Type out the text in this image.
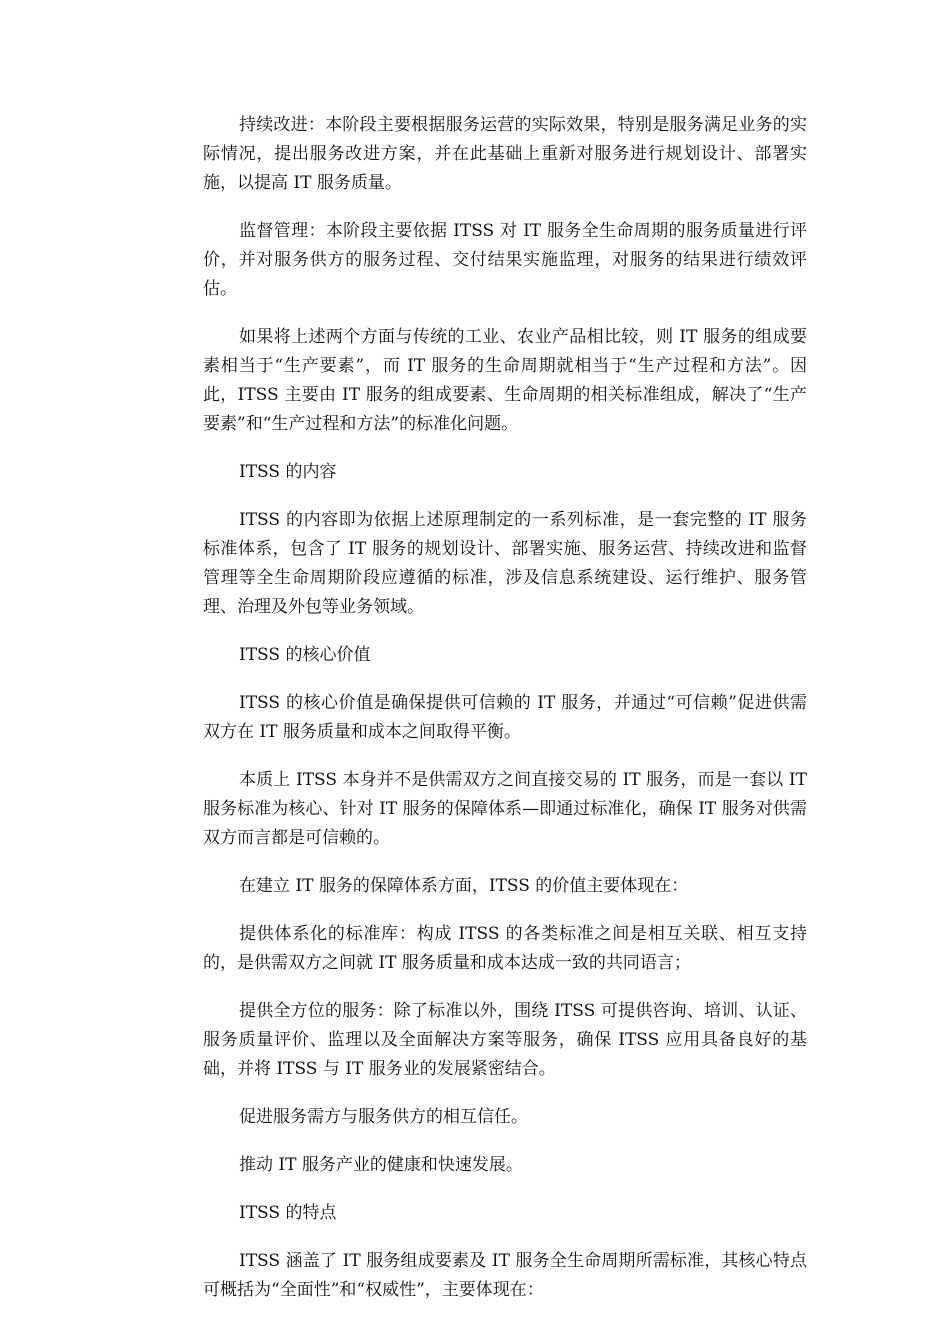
持续改进：本阶段主要根据服务运营的实际效果，特别是服务满足业务的实际情况，提出服务改进方案，并在此基础上重新对服务进行规划设计、部署实施，以提高 IT 服务质量。

监督管理：本阶段主要依据 ITSS 对 IT 服务全生命周期的服务质量进行评价，并对服务供方的服务过程、交付结果实施监理，对服务的结果进行绩效评估。

如果将上述两个方面与传统的工业、农业产品相比较，则 IT 服务的组成要素相当于“生产要素”，而 IT 服务的生命周期就相当于“生产过程和方法”。因此，ITSS 主要由 IT 服务的组成要素、生命周期的相关标准组成，解决了“生产要素”和“生产过程和方法”的标准化问题。

ITSS 的内容

ITSS 的内容即为依据上述原理制定的一系列标准，是一套完整的 IT 服务标准体系，包含了 IT 服务的规划设计、部署实施、服务运营、持续改进和监督管理等全生命周期阶段应遵循的标准，涉及信息系统建设、运行维护、服务管理、治理及外包等业务领域。

ITSS 的核心价值

ITSS 的核心价值是确保提供可信赖的 IT 服务，并通过“可信赖”促进供需双方在 IT 服务质量和成本之间取得平衡。

本质上 ITSS 本身并不是供需双方之间直接交易的 IT 服务，而是一套以 IT 服务标准为核心、针对 IT 服务的保障体系—即通过标准化，确保 IT 服务对供需双方而言都是可信赖的。

在建立 IT 服务的保障体系方面，ITSS 的价值主要体现在：

提供体系化的标准库：构成 ITSS 的各类标准之间是相互关联、相互支持的，是供需双方之间就 IT 服务质量和成本达成一致的共同语言；

提供全方位的服务：除了标准以外，围绕 ITSS 可提供咨询、培训、认证、服务质量评价、监理以及全面解决方案等服务，确保 ITSS 应用具备良好的基础，并将 ITSS 与 IT 服务业的发展紧密结合。

促进服务需方与服务供方的相互信任。

推动 IT 服务产业的健康和快速发展。

ITSS 的特点

ITSS 涵盖了 IT 服务组成要素及 IT 服务全生命周期所需标准，其核心特点可概括为“全面性”和“权威性”，主要体现在：
